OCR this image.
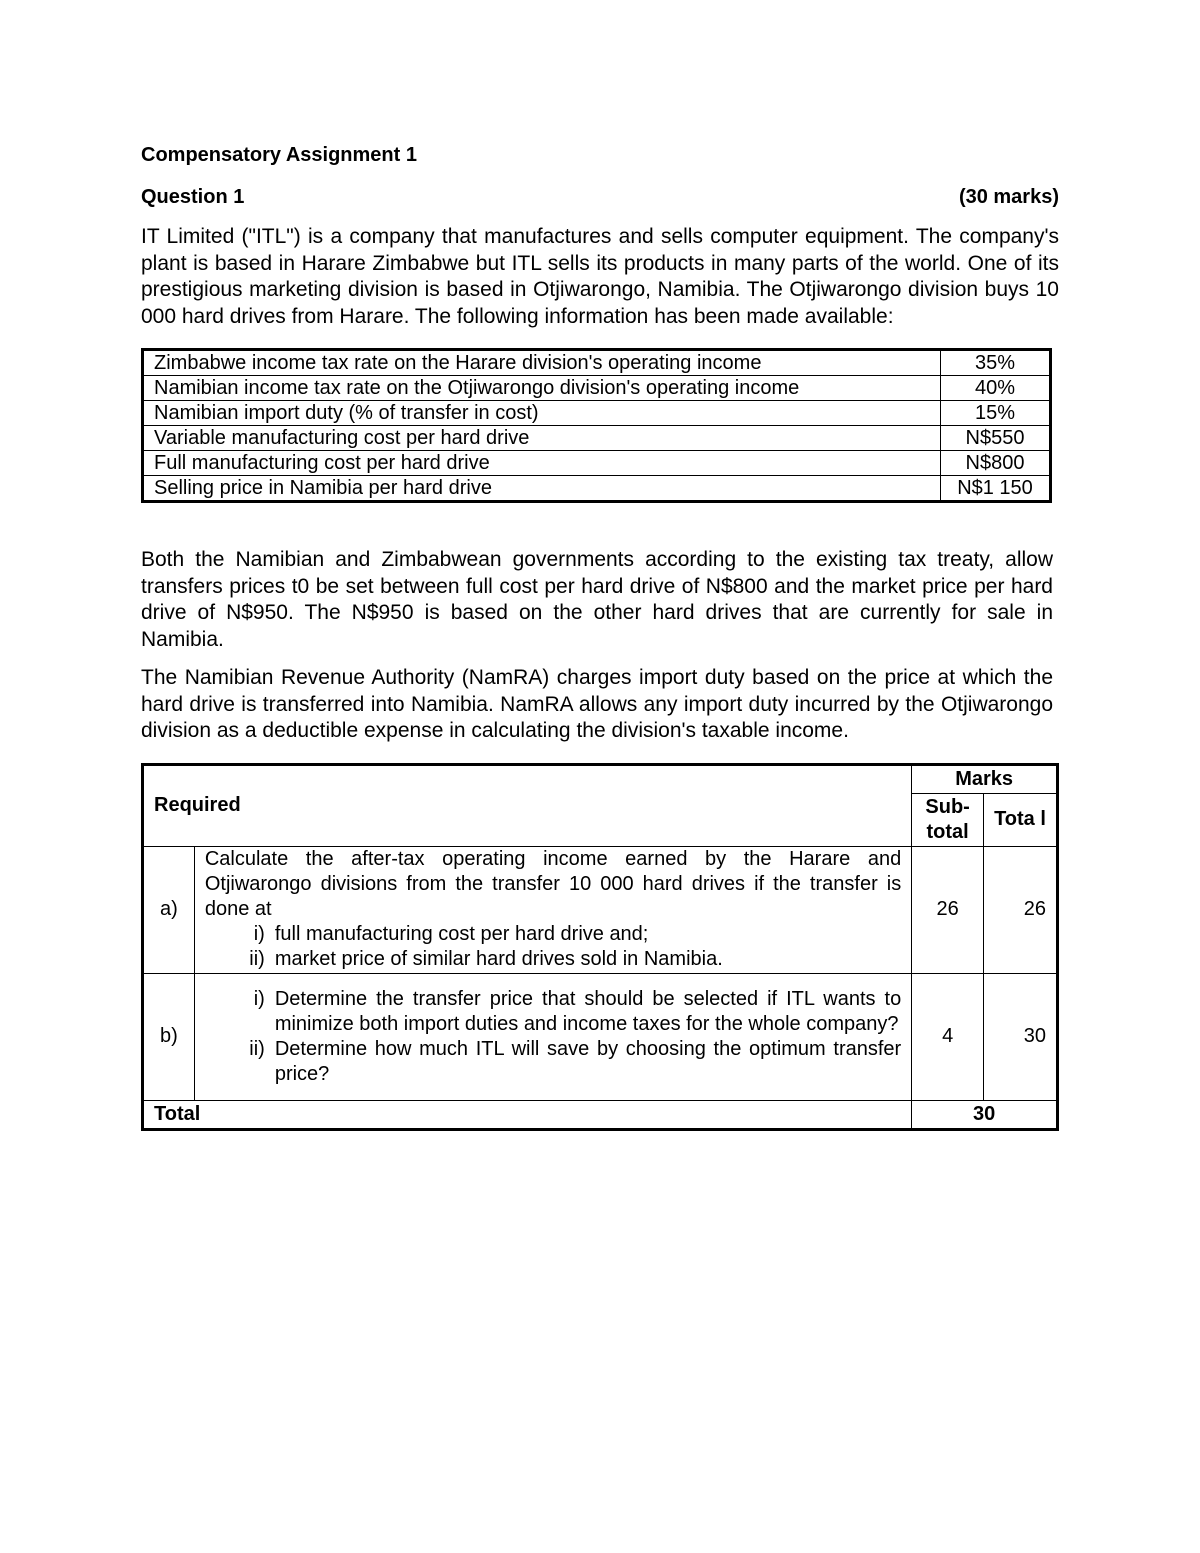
Compensatory Assignment 1

Question 1	(30 marks)

IT Limited ("ITL") is a company that manufactures and sells computer equipment. The company's plant is based in Harare Zimbabwe but ITL sells its products in many parts of the world. One of its prestigious marketing division is based in Otjiwarongo, Namibia. The Otjiwarongo division buys 10 000 hard drives from Harare. The following information has been made available:

Zimbabwe income tax rate on the Harare division's operating income	35%
Namibian income tax rate on the Otjiwarongo division's operating income	40%
Namibian import duty (% of transfer in cost)	15%
Variable manufacturing cost per hard drive	N$550
Full manufacturing cost per hard drive	N$800
Selling price in Namibia per hard drive	N$1 150

Both the Namibian and Zimbabwean governments according to the existing tax treaty, allow transfers prices t0 be set between full cost per hard drive of N$800 and the market price per hard drive of N$950. The N$950 is based on the other hard drives that are currently for sale in Namibia.

The Namibian Revenue Authority (NamRA) charges import duty based on the price at which the hard drive is transferred into Namibia. NamRA allows any import duty incurred by the Otjiwarongo division as a deductible expense in calculating the division's taxable income.

Required		Marks	
		Sub-total	Tota l
a)	Calculate the after-tax operating income earned by the Harare and Otjiwarongo divisions from the transfer 10 000 hard drives if the transfer is done at
i) full manufacturing cost per hard drive and;
ii) market price of similar hard drives sold in Namibia.	26	26
b)	i) Determine the transfer price that should be selected if ITL wants to minimize both import duties and income taxes for the whole company?
ii) Determine how much ITL will save by choosing the optimum transfer price?	4	30
Total		30	
